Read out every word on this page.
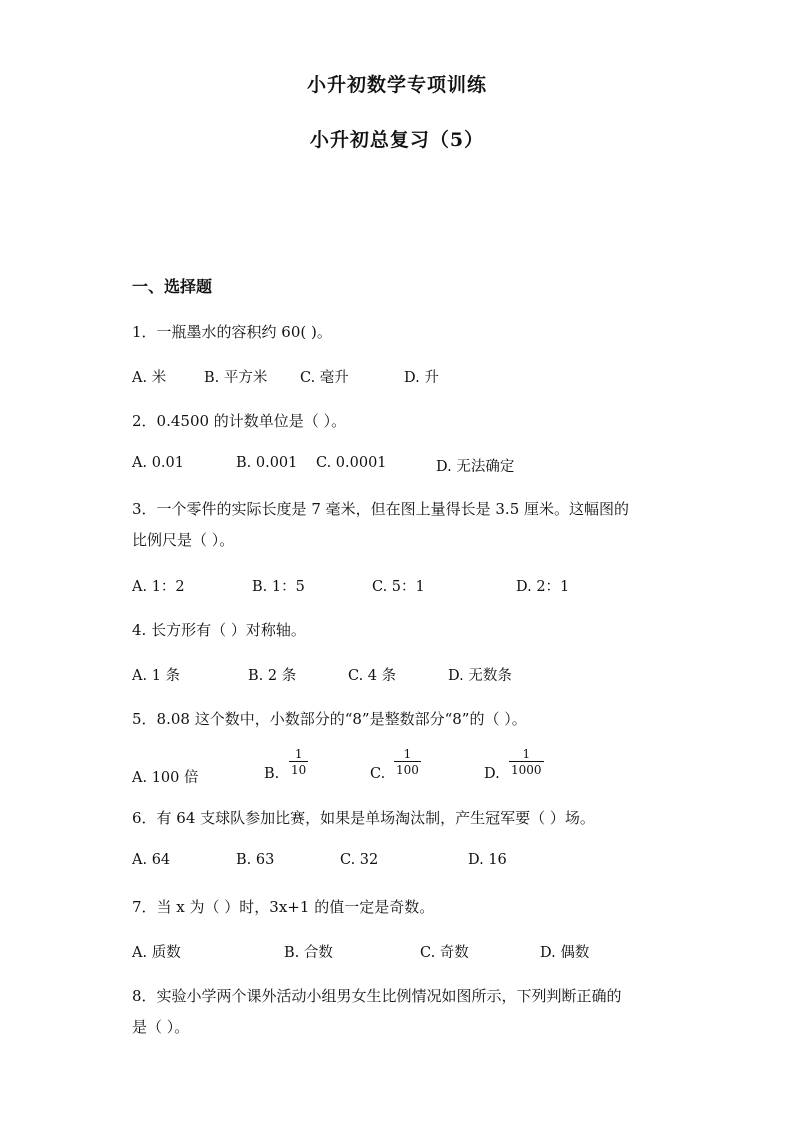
小升初数学专项训练
小升初总复习（5）
一、选择题
1．一瓶墨水的容积约 60( )。
A. 米	B. 平方米 C. 毫升	D. 升
2．0.4500 的计数单位是（ ）。
A. 0.01	B. 0.001 C. 0.0001	D. 无法确定
3．一个零件的实际长度是 7 毫米，但在图上量得长是 3.5 厘米。这幅图的
比例尺是（ ）。
A. 1：2	B. 1：5	C. 5：1	D. 2：1
4. 长方形有（ ）对称轴。
A. 1 条	B. 2 条	C. 4 条	D. 无数条
5．8.08 这个数中，小数部分的“8”是整数部分“8”的（ ）。
A. 100 倍	B. $\frac{1}{10}$	C. $\frac{1}{100}$	D. $\frac{1}{1000}$
6．有 64 支球队参加比赛，如果是单场淘汰制，产生冠军要（ ）场。
A. 64	B. 63	C. 32	D. 16
7．当 x 为（ ）时，3x+1 的值一定是奇数。
A. 质数	B. 合数	C. 奇数	D. 偶数
8．实验小学两个课外活动小组男女生比例情况如图所示，下列判断正确的
是（ ）。
